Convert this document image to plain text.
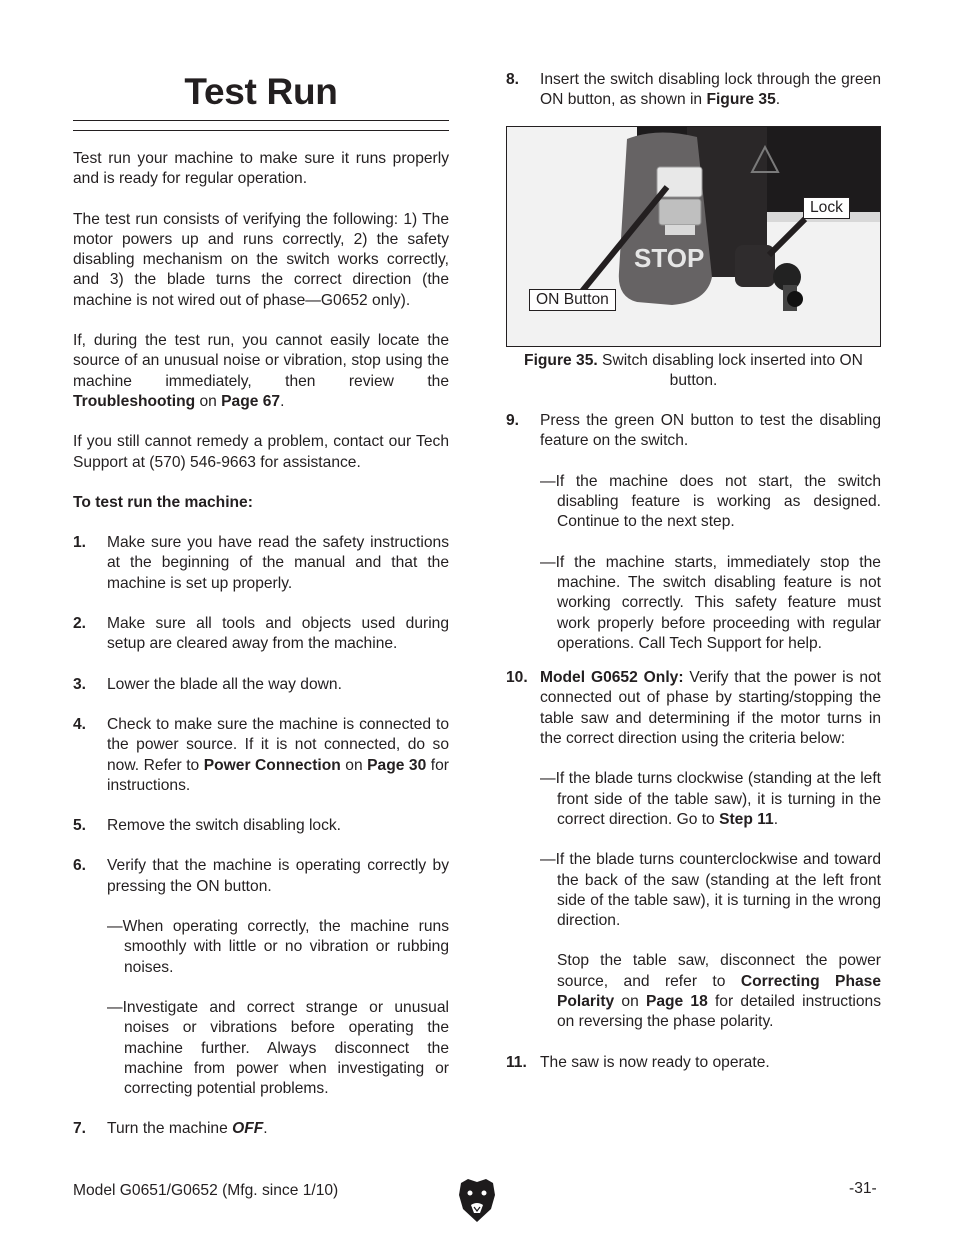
Test Run

Test run your machine to make sure it runs properly and is ready for regular operation.

The test run consists of verifying the following: 1) The motor powers up and runs correctly, 2) the safety disabling mechanism on the switch works correctly, and 3) the blade turns the correct direction (the machine is not wired out of phase—G0652 only).

If, during the test run, you cannot easily locate the source of an unusual noise or vibration, stop using the machine immediately, then review the Troubleshooting on Page 67.

If you still cannot remedy a problem, contact our Tech Support at (570) 546-9663 for assistance.

To test run the machine:

1. Make sure you have read the safety instructions at the beginning of the manual and that the machine is set up properly.

2. Make sure all tools and objects used during setup are cleared away from the machine.

3. Lower the blade all the way down.

4. Check to make sure the machine is connected to the power source. If it is not connected, do so now. Refer to Power Connection on Page 30 for instructions.

5. Remove the switch disabling lock.

6. Verify that the machine is operating correctly by pressing the ON button.

—When operating correctly, the machine runs smoothly with little or no vibration or rubbing noises.

—Investigate and correct strange or unusual noises or vibrations before operating the machine further. Always disconnect the machine from power when investigating or correcting potential problems.

7. Turn the machine OFF.

8. Insert the switch disabling lock through the green ON button, as shown in Figure 35.

STOP
Lock
ON Button

Figure 35. Switch disabling lock inserted into ON button.

9. Press the green ON button to test the disabling feature on the switch.

—If the machine does not start, the switch disabling feature is working as designed. Continue to the next step.

—If the machine starts, immediately stop the machine. The switch disabling feature is not working correctly. This safety feature must work properly before proceeding with regular operations. Call Tech Support for help.

10. Model G0652 Only: Verify that the power is not connected out of phase by starting/stopping the table saw and determining if the motor turns in the correct direction using the criteria below:

—If the blade turns clockwise (standing at the left front side of the table saw), it is turning in the correct direction. Go to Step 11.

—If the blade turns counterclockwise and toward the back of the saw (standing at the left front side of the table saw), it is turning in the wrong direction.

Stop the table saw, disconnect the power source, and refer to Correcting Phase Polarity on Page 18 for detailed instructions on reversing the phase polarity.

11. The saw is now ready to operate.

Model G0651/G0652 (Mfg. since 1/10)	-31-
